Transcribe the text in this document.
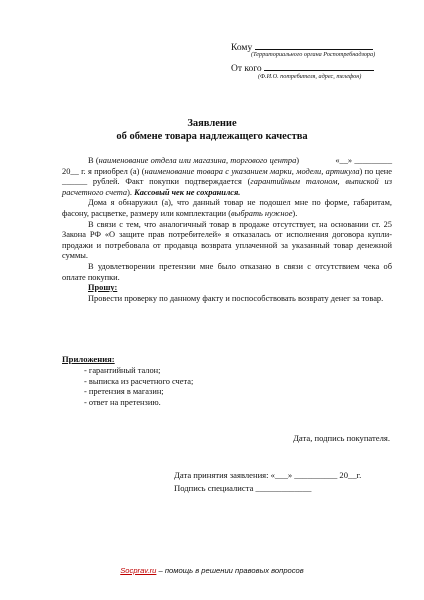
Кому
(Территориального органа Роспотребнадзора)
От кого
(Ф.И.О. потребителя, адрес, телефон)
Заявление
об обмене товара надлежащего качества

В (наименование отдела или магазина, торгового центра)	«__» _________ 20__ г. я приобрел (а) (наименование товара с указанием марки, модели, артикула) по цене ______ рублей. Факт покупки подтверждается (гарантийным талоном, выпиской из расчетного счета). Кассовый чек не сохранился.

Дома я обнаружил (а), что данный товар не подошел мне по форме, габаритам, фасону, расцветке, размеру или комплектации (выбрать нужное).

В связи с тем, что аналогичный товар в продаже отсутствует, на основании ст. 25 Закона РФ «О защите прав потребителей» я отказалась от исполнения договора купли-продажи и потребовала от продавца возврата уплаченной за указанный товар денежной суммы.

В удовлетворении претензии мне было отказано в связи с отсутствием чека об оплате покупки.

Прошу:

Провести проверку по данному факту и поспособствовать возврату денег за товар.

Приложения:
- гарантийный талон;
- выписка из расчетного счета;
- претензия в магазин;
- ответ на претензию.
Дата, подпись покупателя.
Дата принятия заявления: «___» __________ 20__г.
Подпись специалиста _____________
Socprav.ru – помощь в решении правовых вопросов
